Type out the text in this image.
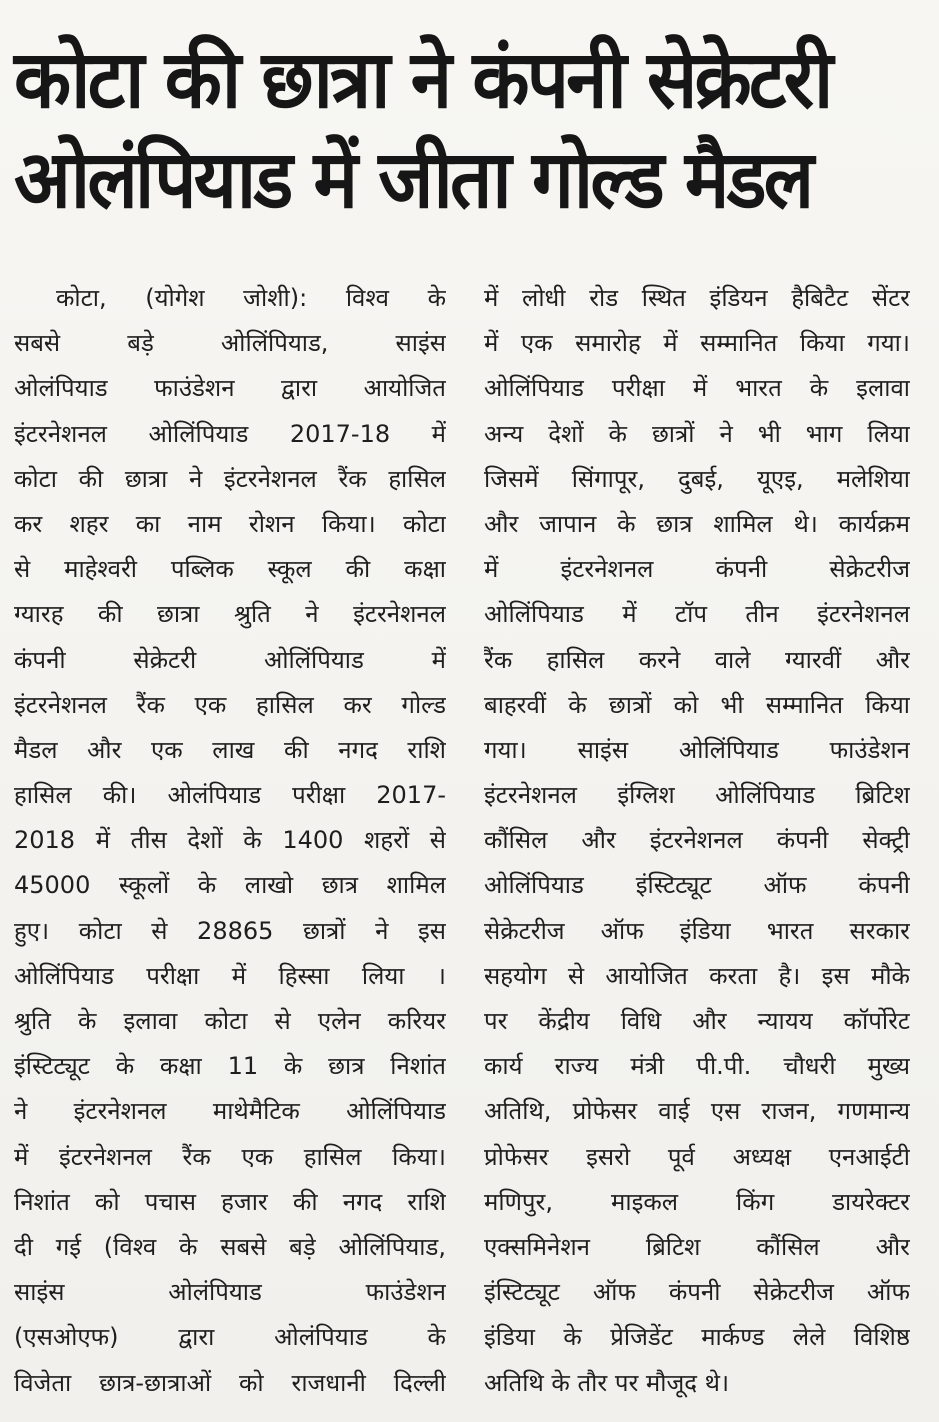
कोटा की छात्रा ने कंपनी सेक्रेटरी
ओलंपियाड में जीता गोल्ड मैडल
कोटा, (योगेश जोशी): विश्व के
सबसे बड़े ओलिंपियाड, साइंस
ओलंपियाड फाउंडेशन द्वारा आयोजित
इंटरनेशनल ओलिंपियाड 2017-18 में
कोटा की छात्रा ने इंटरनेशनल रैंक हासिल
कर शहर का नाम रोशन किया। कोटा
से माहेश्वरी पब्लिक स्कूल की कक्षा
ग्यारह की छात्रा श्रुति ने इंटरनेशनल
कंपनी सेक्रेटरी ओलिंपियाड में
इंटरनेशनल रैंक एक हासिल कर गोल्ड
मैडल और एक लाख की नगद राशि
हासिल की। ओलंपियाड परीक्षा 2017-
2018 में तीस देशों के 1400 शहरों से
45000 स्कूलों के लाखो छात्र शामिल
हुए। कोटा से 28865 छात्रों ने इस
ओलिंपियाड परीक्षा में हिस्सा लिया ।
श्रुति के इलावा कोटा से एलेन करियर
इंस्टिट्यूट के कक्षा 11 के छात्र निशांत
ने इंटरनेशनल माथेमैटिक ओलिंपियाड
में इंटरनेशनल रैंक एक हासिल किया।
निशांत को पचास हजार की नगद राशि
दी गई (विश्व के सबसे बड़े ओलिंपियाड,
साइंस ओलंपियाड फाउंडेशन
(एसओएफ) द्वारा ओलंपियाड के
विजेता छात्र-छात्राओं को राजधानी दिल्ली
में लोधी रोड स्थित इंडियन हैबिटैट सेंटर
में एक समारोह में सम्मानित किया गया।
ओलिंपियाड परीक्षा में भारत के इलावा
अन्य देशों के छात्रों ने भी भाग लिया
जिसमें सिंगापूर, दुबई, यूएइ, मलेशिया
और जापान के छात्र शामिल थे। कार्यक्रम
में इंटरनेशनल कंपनी सेक्रेटरीज
ओलिंपियाड में टॉप तीन इंटरनेशनल
रैंक हासिल करने वाले ग्यारवीं और
बाहरवीं के छात्रों को भी सम्मानित किया
गया। साइंस ओलिंपियाड फाउंडेशन
इंटरनेशनल इंग्लिश ओलिंपियाड ब्रिटिश
कौंसिल और इंटरनेशनल कंपनी सेक्ट्री
ओलिंपियाड इंस्टिट्यूट ऑफ कंपनी
सेक्रेटरीज ऑफ इंडिया भारत सरकार
सहयोग से आयोजित करता है। इस मौके
पर केंद्रीय विधि और न्यायय कॉर्पोरेट
कार्य राज्य मंत्री पी.पी. चौधरी मुख्य
अतिथि, प्रोफेसर वाई एस राजन, गणमान्य
प्रोफेसर इसरो पूर्व अध्यक्ष एनआईटी
मणिपुर, माइकल किंग डायरेक्टर
एक्समिनेशन ब्रिटिश कौंसिल और
इंस्टिट्यूट ऑफ कंपनी सेक्रेटरीज ऑफ
इंडिया के प्रेजिडेंट मार्कण्ड लेले विशिष्ठ
अतिथि के तौर पर मौजूद थे।
